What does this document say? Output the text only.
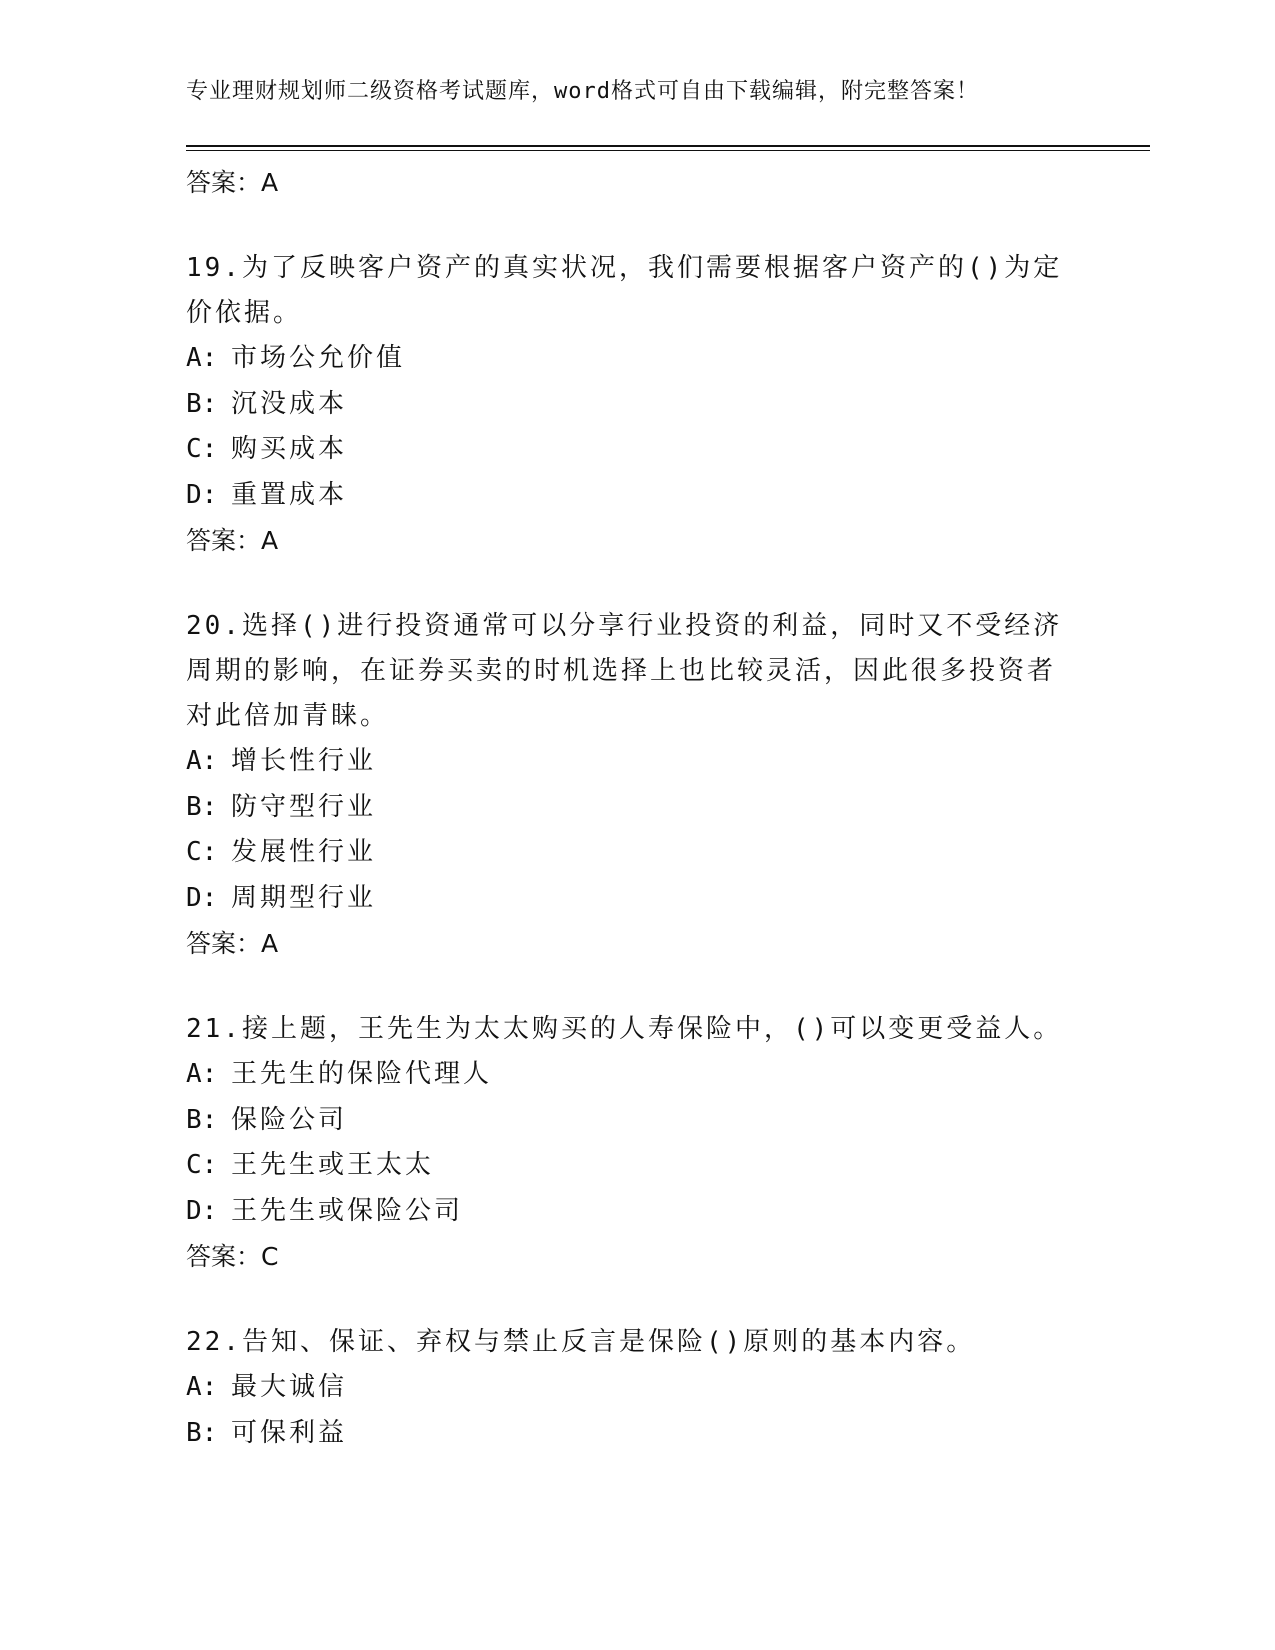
专业理财规划师二级资格考试题库，word格式可自由下载编辑，附完整答案！
答案：A
19.为了反映客户资产的真实状况，我们需要根据客户资产的()为定价依据。
A: 市场公允价值
B: 沉没成本
C: 购买成本
D: 重置成本
答案：A
20.选择()进行投资通常可以分享行业投资的利益，同时又不受经济周期的影响，在证券买卖的时机选择上也比较灵活，因此很多投资者对此倍加青睐。
A: 增长性行业
B: 防守型行业
C: 发展性行业
D: 周期型行业
答案：A
21.接上题，王先生为太太购买的人寿保险中，()可以变更受益人。
A: 王先生的保险代理人
B: 保险公司
C: 王先生或王太太
D: 王先生或保险公司
答案：C
22.告知、保证、弃权与禁止反言是保险()原则的基本内容。
A: 最大诚信
B: 可保利益
